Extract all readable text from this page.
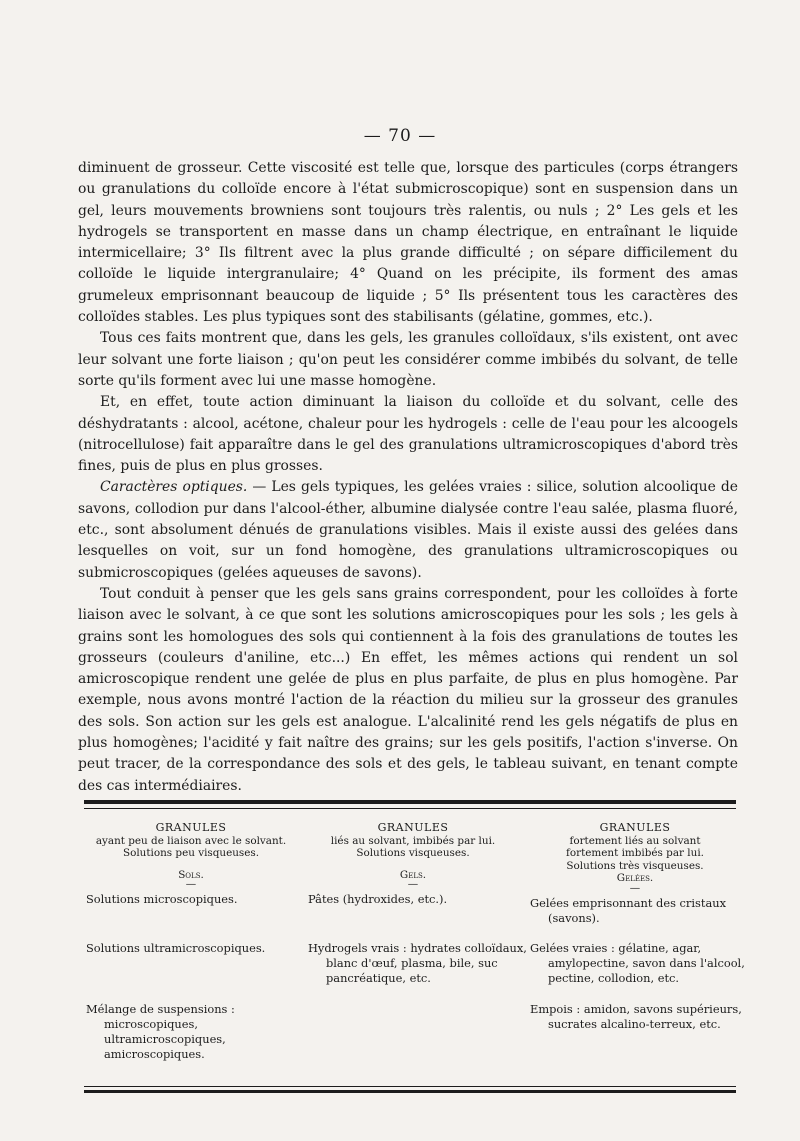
— 70 —

diminuent de grosseur. Cette viscosité est telle que, lorsque des particules (corps étrangers ou granulations du colloïde encore à l'état submicroscopique) sont en suspension dans un gel, leurs mouvements browniens sont toujours très ralentis, ou nuls ; 2° Les gels et les hydrogels se transportent en masse dans un champ électrique, en entraînant le liquide intermicellaire; 3° Ils filtrent avec la plus grande difficulté ; on sépare difficilement du colloïde le liquide intergranulaire; 4° Quand on les précipite, ils forment des amas grumeleux emprisonnant beaucoup de liquide ; 5° Ils présentent tous les caractères des colloïdes stables. Les plus typiques sont des stabilisants (gélatine, gommes, etc.).

Tous ces faits montrent que, dans les gels, les granules colloïdaux, s'ils existent, ont avec leur solvant une forte liaison ; qu'on peut les considérer comme imbibés du solvant, de telle sorte qu'ils forment avec lui une masse homogène.

Et, en effet, toute action diminuant la liaison du colloïde et du solvant, celle des déshydratants : alcool, acétone, chaleur pour les hydrogels : celle de l'eau pour les alcoogels (nitrocellulose) fait apparaître dans le gel des granulations ultramicroscopiques d'abord très fines, puis de plus en plus grosses.

Caractères optiques. — Les gels typiques, les gelées vraies : silice, solution alcoolique de savons, collodion pur dans l'alcool-éther, albumine dialysée contre l'eau salée, plasma fluoré, etc., sont absolument dénués de granulations visibles. Mais il existe aussi des gelées dans lesquelles on voit, sur un fond homogène, des granulations ultramicroscopiques ou submicroscopiques (gelées aqueuses de savons).

Tout conduit à penser que les gels sans grains correspondent, pour les colloïdes à forte liaison avec le solvant, à ce que sont les solutions amicroscopiques pour les sols ; les gels à grains sont les homologues des sols qui contiennent à la fois des granulations de toutes les grosseurs (couleurs d'aniline, etc...) En effet, les mêmes actions qui rendent un sol amicroscopique rendent une gelée de plus en plus parfaite, de plus en plus homogène. Par exemple, nous avons montré l'action de la réaction du milieu sur la grosseur des granules des sols. Son action sur les gels est analogue. L'alcalinité rend les gels négatifs de plus en plus homogènes; l'acidité y fait naître des grains; sur les gels positifs, l'action s'inverse. On peut tracer, de la correspondance des sols et des gels, le tableau suivant, en tenant compte des cas intermédiaires.

GRANULES
ayant peu de liaison avec le solvant.
Solutions peu visqueuses.
Sols.
—
Solutions microscopiques.
Solutions ultramicroscopiques.
Mélange de suspensions : microscopiques, ultramicroscopiques, amicroscopiques.
GRANULES
liés au solvant, imbibés par lui.
Solutions visqueuses.
Gels.
—
Pâtes (hydroxides, etc.).
Hydrogels vrais : hydrates colloïdaux, blanc d'œuf, plasma, bile, suc pancréatique, etc.
GRANULES
fortement liés au solvant
fortement imbibés par lui.
Solutions très visqueuses.
Gelées.
—
Gelées emprisonnant des cristaux (savons).
Gelées vraies : gélatine, agar, amylopectine, savon dans l'alcool, pectine, collodion, etc.
Empois : amidon, savons supérieurs, sucrates alcalino-terreux, etc.
